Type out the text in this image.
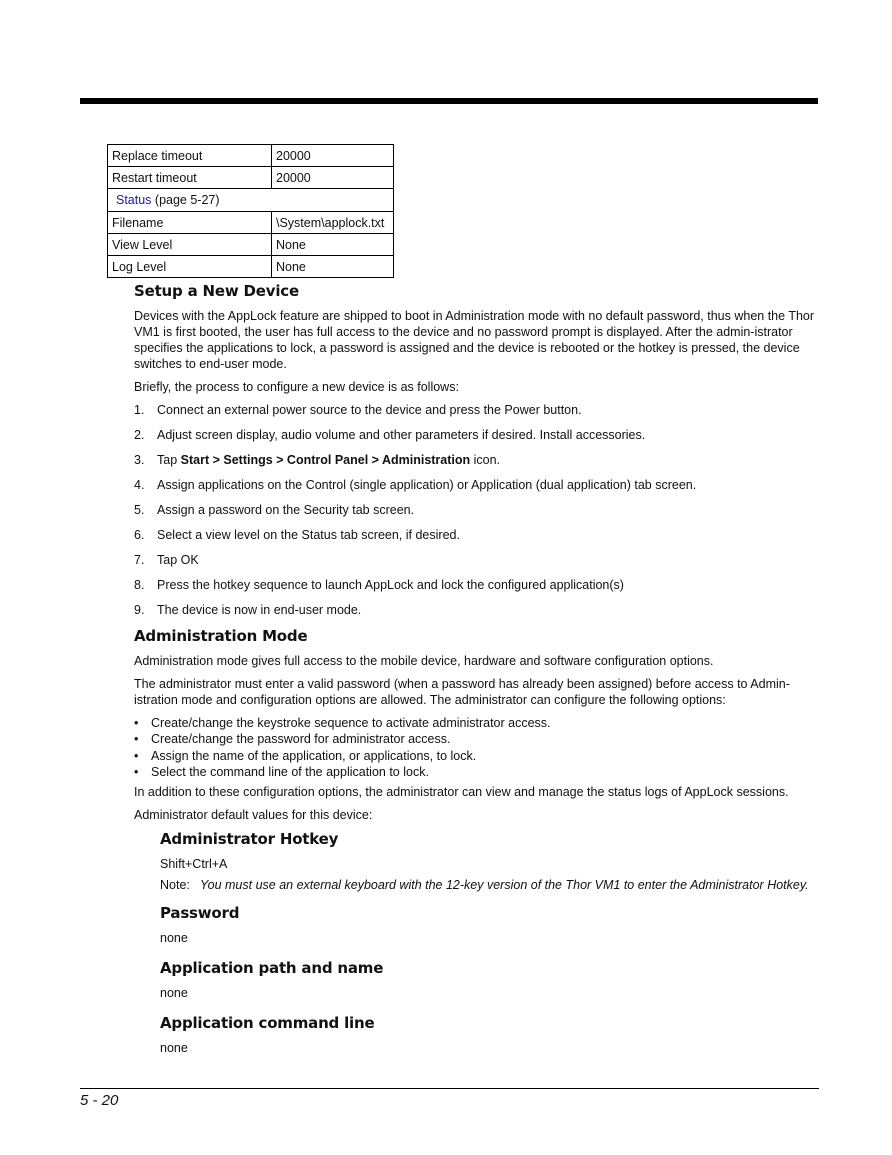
Replace timeout	20000
Restart timeout	20000
Status (page 5-27)	
Filename	\System\applock.txt
View Level	None
Log Level	None
Setup a New Device

Devices with the AppLock feature are shipped to boot in Administration mode with no default password, thus when the Thor VM1 is first booted, the user has full access to the device and no password prompt is displayed. After the admin-istrator specifies the applications to lock, a password is assigned and the device is rebooted or the hotkey is pressed, the device switches to end-user mode.

Briefly, the process to configure a new device is as follows:

1. Connect an external power source to the device and press the Power button.
2. Adjust screen display, audio volume and other parameters if desired. Install accessories.
3. Tap Start > Settings > Control Panel > Administration icon.
4. Assign applications on the Control (single application) or Application (dual application) tab screen.
5. Assign a password on the Security tab screen.
6. Select a view level on the Status tab screen, if desired.
7. Tap OK
8. Press the hotkey sequence to launch AppLock and lock the configured application(s)
9. The device is now in end-user mode.
Administration Mode

Administration mode gives full access to the mobile device, hardware and software configuration options.

The administrator must enter a valid password (when a password has already been assigned) before access to Admin-istration mode and configuration options are allowed. The administrator can configure the following options:

• Create/change the keystroke sequence to activate administrator access.
• Create/change the password for administrator access.
• Assign the name of the application, or applications, to lock.
• Select the command line of the application to lock.

In addition to these configuration options, the administrator can view and manage the status logs of AppLock sessions.

Administrator default values for this device:

Administrator Hotkey

Shift+Ctrl+A

Note: You must use an external keyboard with the 12-key version of the Thor VM1 to enter the Administrator Hotkey.
Password

none

Application path and name

none

Application command line

none

5 - 20
